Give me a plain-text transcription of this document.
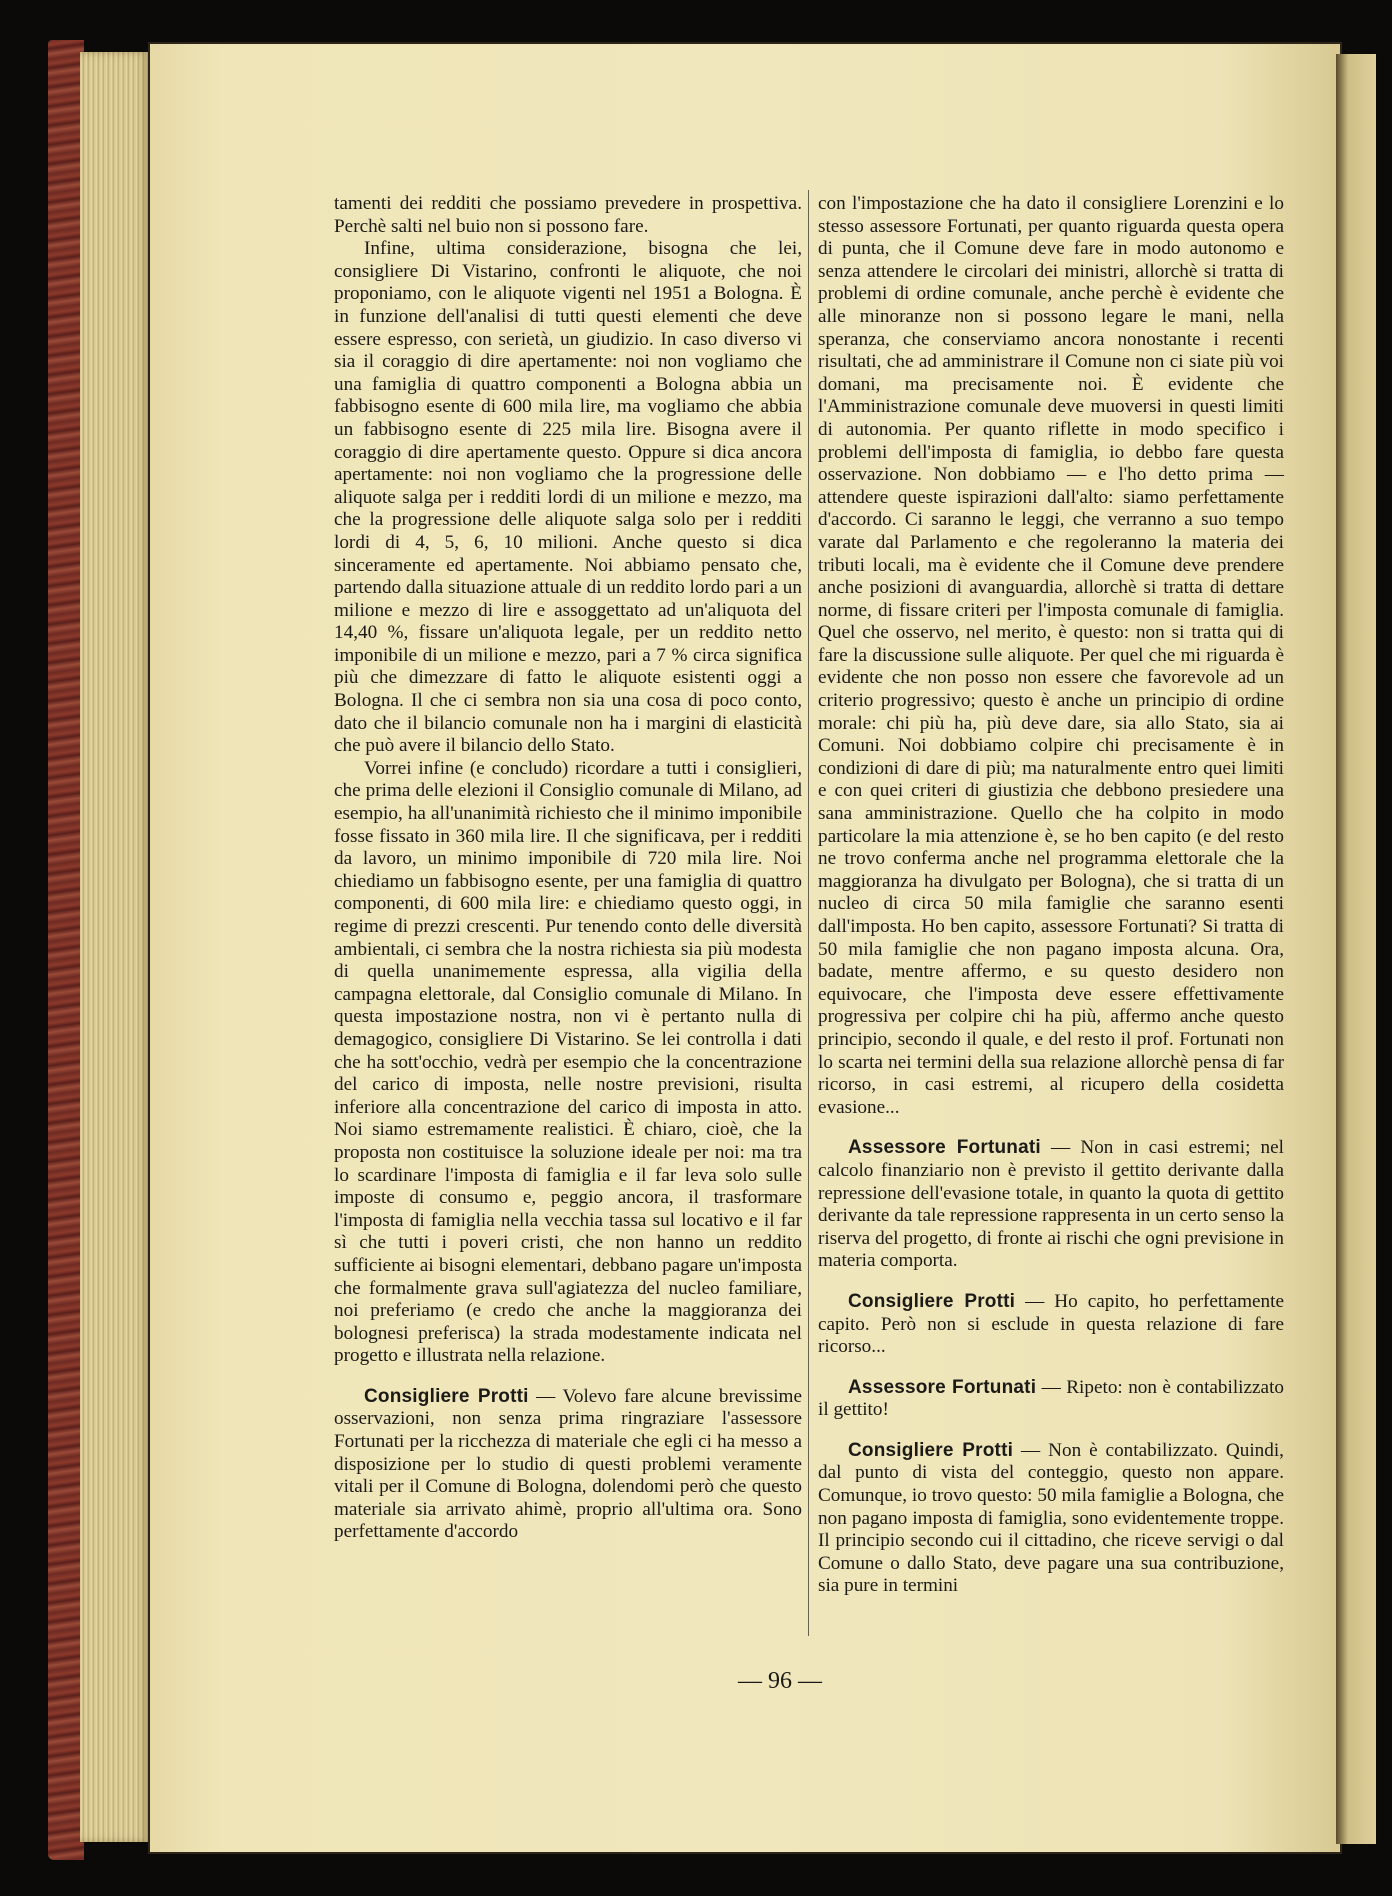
tamenti dei redditi che possiamo prevedere in prospettiva. Perchè salti nel buio non si possono fare.

Infine, ultima considerazione, bisogna che lei, consigliere Di Vistarino, confronti le aliquote, che noi proponiamo, con le aliquote vigenti nel 1951 a Bologna. È in funzione dell'analisi di tutti questi elementi che deve essere espresso, con serietà, un giudizio. In caso diverso vi sia il coraggio di dire apertamente: noi non vogliamo che una famiglia di quattro componenti a Bologna abbia un fabbisogno esente di 600 mila lire, ma vogliamo che abbia un fabbisogno esente di 225 mila lire. Bisogna avere il coraggio di dire apertamente questo. Oppure si dica ancora apertamente: noi non vogliamo che la progressione delle aliquote salga per i redditi lordi di un milione e mezzo, ma che la progressione delle aliquote salga solo per i redditi lordi di 4, 5, 6, 10 milioni. Anche questo si dica sinceramente ed apertamente. Noi abbiamo pensato che, partendo dalla situazione attuale di un reddito lordo pari a un milione e mezzo di lire e assoggettato ad un'aliquota del 14,40 %, fissare un'aliquota legale, per un reddito netto imponibile di un milione e mezzo, pari a 7 % circa significa più che dimezzare di fatto le aliquote esistenti oggi a Bologna. Il che ci sembra non sia una cosa di poco conto, dato che il bilancio comunale non ha i margini di elasticità che può avere il bilancio dello Stato.

Vorrei infine (e concludo) ricordare a tutti i consiglieri, che prima delle elezioni il Consiglio comunale di Milano, ad esempio, ha all'unanimità richiesto che il minimo imponibile fosse fissato in 360 mila lire. Il che significava, per i redditi da lavoro, un minimo imponibile di 720 mila lire. Noi chiediamo un fabbisogno esente, per una famiglia di quattro componenti, di 600 mila lire: e chiediamo questo oggi, in regime di prezzi crescenti. Pur tenendo conto delle diversità ambientali, ci sembra che la nostra richiesta sia più modesta di quella unanimemente espressa, alla vigilia della campagna elettorale, dal Consiglio comunale di Milano. In questa impostazione nostra, non vi è pertanto nulla di demagogico, consigliere Di Vistarino. Se lei controlla i dati che ha sott'occhio, vedrà per esempio che la concentrazione del carico di imposta, nelle nostre previsioni, risulta inferiore alla concentrazione del carico di imposta in atto. Noi siamo estremamente realistici. È chiaro, cioè, che la proposta non costituisce la soluzione ideale per noi: ma tra lo scardinare l'imposta di famiglia e il far leva solo sulle imposte di consumo e, peggio ancora, il trasformare l'imposta di famiglia nella vecchia tassa sul locativo e il far sì che tutti i poveri cristi, che non hanno un reddito sufficiente ai bisogni elementari, debbano pagare un'imposta che formalmente grava sull'agiatezza del nucleo familiare, noi preferiamo (e credo che anche la maggioranza dei bolognesi preferisca) la strada modestamente indicata nel progetto e illustrata nella relazione.

Consigliere Protti — Volevo fare alcune brevissime osservazioni, non senza prima ringraziare l'assessore Fortunati per la ricchezza di materiale che egli ci ha messo a disposizione per lo studio di questi problemi veramente vitali per il Comune di Bologna, dolendomi però che questo materiale sia arrivato ahimè, proprio all'ultima ora. Sono perfettamente d'accordo

con l'impostazione che ha dato il consigliere Lorenzini e lo stesso assessore Fortunati, per quanto riguarda questa opera di punta, che il Comune deve fare in modo autonomo e senza attendere le circolari dei ministri, allorchè si tratta di problemi di ordine comunale, anche perchè è evidente che alle minoranze non si possono legare le mani, nella speranza, che conserviamo ancora nonostante i recenti risultati, che ad amministrare il Comune non ci siate più voi domani, ma precisamente noi. È evidente che l'Amministrazione comunale deve muoversi in questi limiti di autonomia. Per quanto riflette in modo specifico i problemi dell'imposta di famiglia, io debbo fare questa osservazione. Non dobbiamo — e l'ho detto prima — attendere queste ispirazioni dall'alto: siamo perfettamente d'accordo. Ci saranno le leggi, che verranno a suo tempo varate dal Parlamento e che regoleranno la materia dei tributi locali, ma è evidente che il Comune deve prendere anche posizioni di avanguardia, allorchè si tratta di dettare norme, di fissare criteri per l'imposta comunale di famiglia. Quel che osservo, nel merito, è questo: non si tratta qui di fare la discussione sulle aliquote. Per quel che mi riguarda è evidente che non posso non essere che favorevole ad un criterio progressivo; questo è anche un principio di ordine morale: chi più ha, più deve dare, sia allo Stato, sia ai Comuni. Noi dobbiamo colpire chi precisamente è in condizioni di dare di più; ma naturalmente entro quei limiti e con quei criteri di giustizia che debbono presiedere una sana amministrazione. Quello che ha colpito in modo particolare la mia attenzione è, se ho ben capito (e del resto ne trovo conferma anche nel programma elettorale che la maggioranza ha divulgato per Bologna), che si tratta di un nucleo di circa 50 mila famiglie che saranno esenti dall'imposta. Ho ben capito, assessore Fortunati? Si tratta di 50 mila famiglie che non pagano imposta alcuna. Ora, badate, mentre affermo, e su questo desidero non equivocare, che l'imposta deve essere effettivamente progressiva per colpire chi ha più, affermo anche questo principio, secondo il quale, e del resto il prof. Fortunati non lo scarta nei termini della sua relazione allorchè pensa di far ricorso, in casi estremi, al ricupero della cosidetta evasione...

Assessore Fortunati — Non in casi estremi; nel calcolo finanziario non è previsto il gettito derivante dalla repressione dell'evasione totale, in quanto la quota di gettito derivante da tale repressione rappresenta in un certo senso la riserva del progetto, di fronte ai rischi che ogni previsione in materia comporta.

Consigliere Protti — Ho capito, ho perfettamente capito. Però non si esclude in questa relazione di fare ricorso...

Assessore Fortunati — Ripeto: non è contabilizzato il gettito!

Consigliere Protti — Non è contabilizzato. Quindi, dal punto di vista del conteggio, questo non appare. Comunque, io trovo questo: 50 mila famiglie a Bologna, che non pagano imposta di famiglia, sono evidentemente troppe. Il principio secondo cui il cittadino, che riceve servigi o dal Comune o dallo Stato, deve pagare una sua contribuzione, sia pure in termini

— 96 —
